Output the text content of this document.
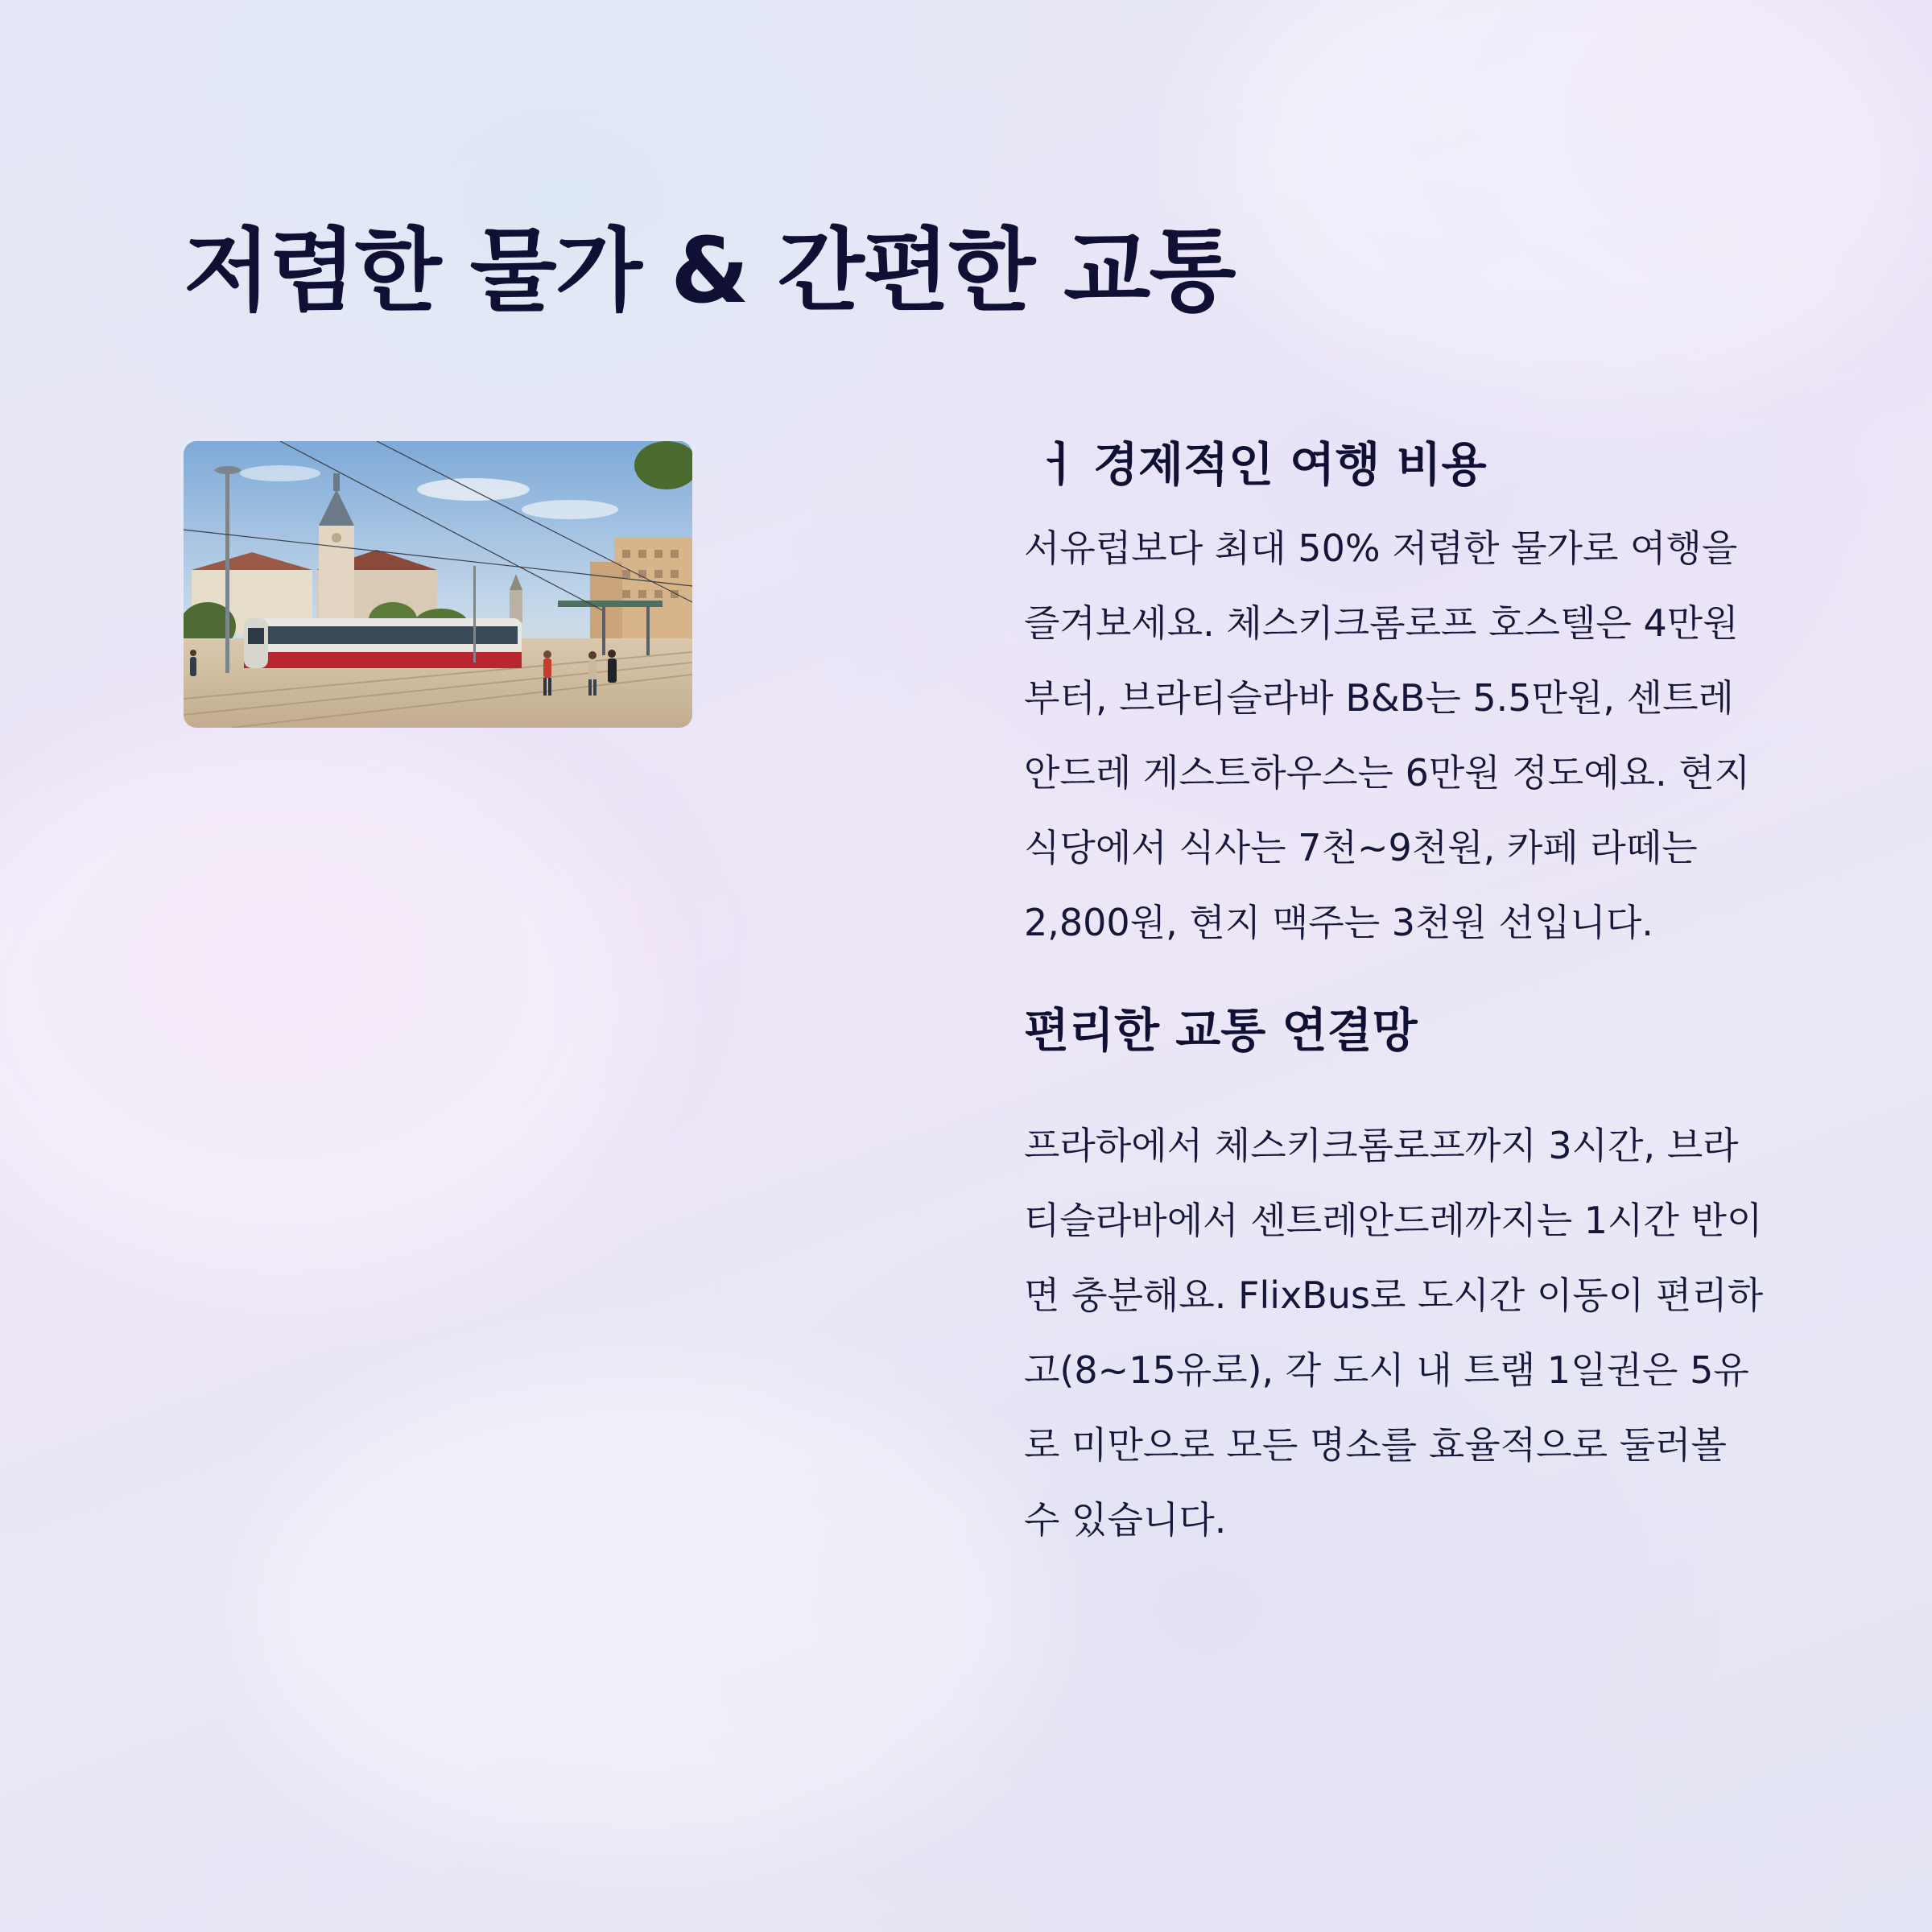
저렴한 물가 & 간편한 교통
ㅓ 경제적인 여행 비용

서유럽보다 최대 50% 저렴한 물가로 여행을 즐겨보세요. 체스키크롬로프 호스텔은 4만원부터, 브라티슬라바 B&B는 5.5만원, 센트레안드레 게스트하우스는 6만원 정도예요. 현지식당에서 식사는 7천~9천원, 카페 라떼는 2,800원, 현지 맥주는 3천원 선입니다.

편리한 교통 연결망

프라하에서 체스키크롬로프까지 3시간, 브라티슬라바에서 센트레안드레까지는 1시간 반이면 충분해요. FlixBus로 도시간 이동이 편리하고(8~15유로), 각 도시 내 트램 1일권은 5유로 미만으로 모든 명소를 효율적으로 둘러볼 수 있습니다.
